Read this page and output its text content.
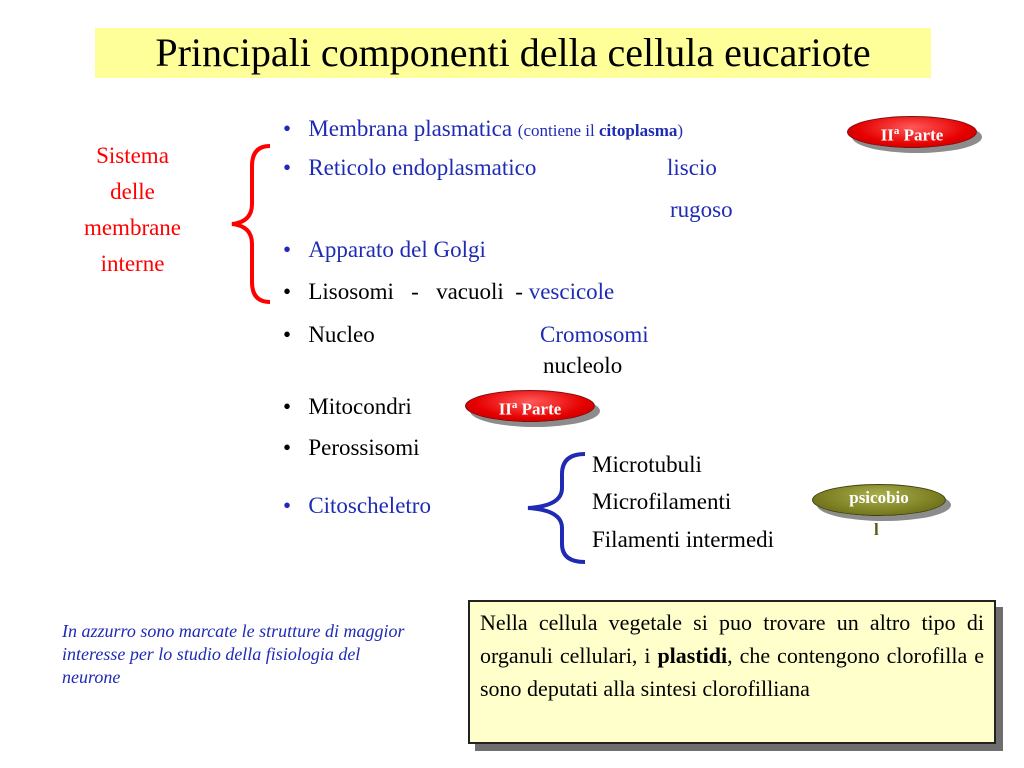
Principali componenti della cellula eucariote
Sistema
delle
membrane
interne
•   Membrana plasmatica (contiene il citoplasma)
•   Reticolo endoplasmatico	liscio
rugoso
•   Apparato del Golgi
•   Lisosomi   -   vacuoli  - vescicole
•   Nucleo	Cromosomi
nucleolo
•   Mitocondri
•   Perossisomi
•   Citoscheletro
Microtubuli
Microfilamenti
Filamenti intermedi
$II^a$ Parte
$II^a$ Parte
psicobio
l
In azzurro sono marcate le strutture di maggior interesse per lo studio della fisiologia del neurone
Nella cellula vegetale si puo trovare un altro tipo di organuli cellulari, i plastidi, che contengono clorofilla e sono deputati alla sintesi clorofilliana
